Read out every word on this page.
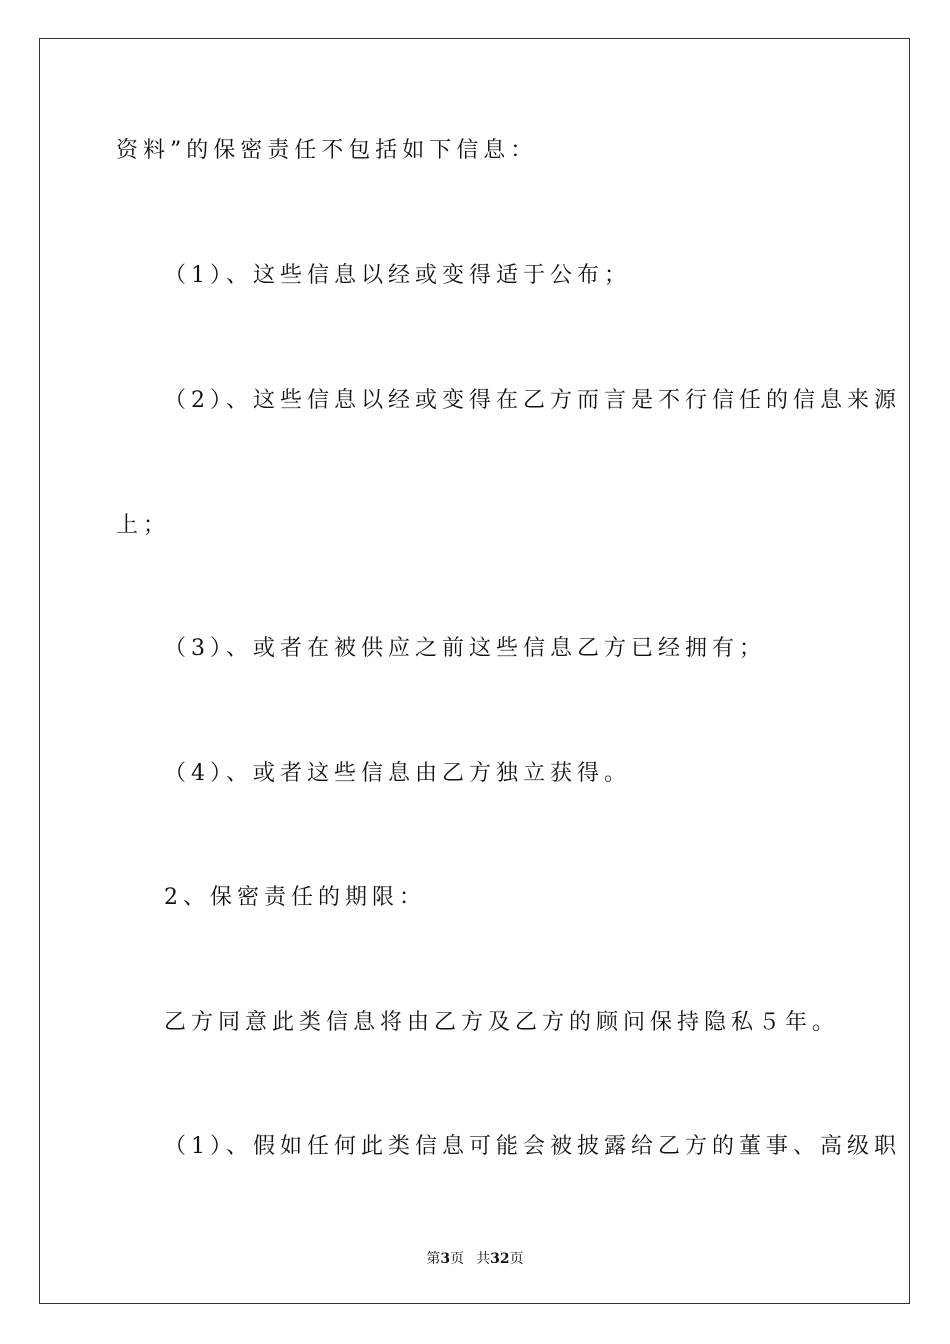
资料”的保密责任不包括如下信息：
（1）、这些信息以经或变得适于公布；
（2）、这些信息以经或变得在乙方而言是不行信任的信息来源
上；
（3）、或者在被供应之前这些信息乙方已经拥有；
（4）、或者这些信息由乙方独立获得。
2、保密责任的期限：
乙方同意此类信息将由乙方及乙方的顾问保持隐私５年。
（1）、假如任何此类信息可能会被披露给乙方的董事、高级职
第3页 共32页
